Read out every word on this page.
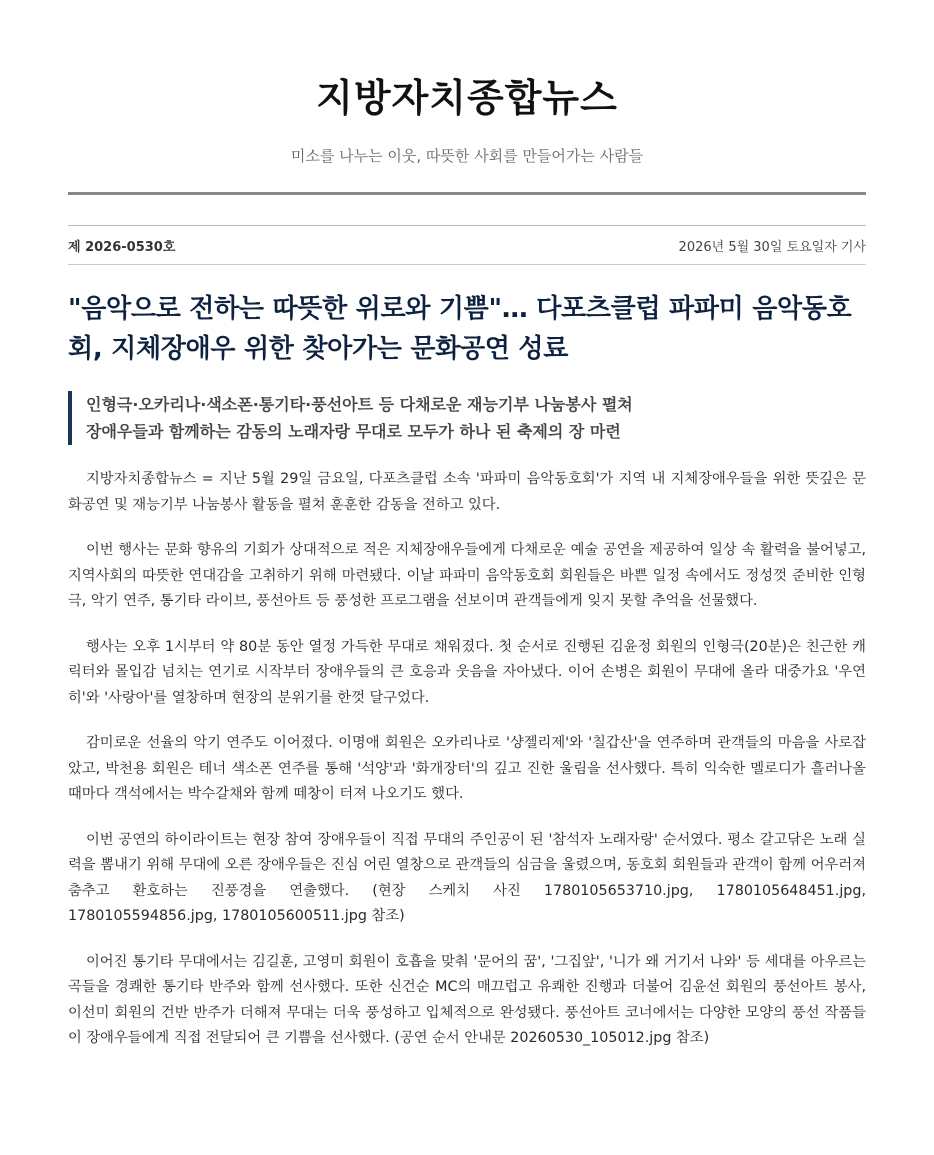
지방자치종합뉴스
미소를 나누는 이웃, 따뜻한 사회를 만들어가는 사람들
제 2026-0530호	2026년 5월 30일 토요일자 기사
"음악으로 전하는 따뜻한 위로와 기쁨"… 다포츠클럽 파파미 음악동호회, 지체장애우 위한 찾아가는 문화공연 성료
인형극·오카리나·색소폰·통기타·풍선아트 등 다채로운 재능기부 나눔봉사 펼쳐
장애우들과 함께하는 감동의 노래자랑 무대로 모두가 하나 된 축제의 장 마련

지방자치종합뉴스 = 지난 5월 29일 금요일, 다포츠클럽 소속 '파파미 음악동호회'가 지역 내 지체장애우들을 위한 뜻깊은 문화공연 및 재능기부 나눔봉사 활동을 펼쳐 훈훈한 감동을 전하고 있다.

이번 행사는 문화 향유의 기회가 상대적으로 적은 지체장애우들에게 다채로운 예술 공연을 제공하여 일상 속 활력을 불어넣고, 지역사회의 따뜻한 연대감을 고취하기 위해 마련됐다. 이날 파파미 음악동호회 회원들은 바쁜 일정 속에서도 정성껏 준비한 인형극, 악기 연주, 통기타 라이브, 풍선아트 등 풍성한 프로그램을 선보이며 관객들에게 잊지 못할 추억을 선물했다.

행사는 오후 1시부터 약 80분 동안 열정 가득한 무대로 채워졌다. 첫 순서로 진행된 김윤정 회원의 인형극(20분)은 친근한 캐릭터와 몰입감 넘치는 연기로 시작부터 장애우들의 큰 호응과 웃음을 자아냈다. 이어 손병은 회원이 무대에 올라 대중가요 '우연히'와 '사랑아'를 열창하며 현장의 분위기를 한껏 달구었다.

감미로운 선율의 악기 연주도 이어졌다. 이명애 회원은 오카리나로 '샹젤리제'와 '칠갑산'을 연주하며 관객들의 마음을 사로잡았고, 박천용 회원은 테너 색소폰 연주를 통해 '석양'과 '화개장터'의 깊고 진한 울림을 선사했다. 특히 익숙한 멜로디가 흘러나올 때마다 객석에서는 박수갈채와 함께 떼창이 터져 나오기도 했다.

이번 공연의 하이라이트는 현장 참여 장애우들이 직접 무대의 주인공이 된 '참석자 노래자랑' 순서였다. 평소 갈고닦은 노래 실력을 뽐내기 위해 무대에 오른 장애우들은 진심 어린 열창으로 관객들의 심금을 울렸으며, 동호회 회원들과 관객이 함께 어우러져 춤추고 환호하는 진풍경을 연출했다. (현장 스케치 사진 1780105653710.jpg, 1780105648451.jpg, 1780105594856.jpg, 1780105600511.jpg 참조)

이어진 통기타 무대에서는 김길훈, 고영미 회원이 호흡을 맞춰 '문어의 꿈', '그집앞', '니가 왜 거기서 나와' 등 세대를 아우르는 곡들을 경쾌한 통기타 반주와 함께 선사했다. 또한 신건순 MC의 매끄럽고 유쾌한 진행과 더불어 김윤선 회원의 풍선아트 봉사, 이선미 회원의 건반 반주가 더해져 무대는 더욱 풍성하고 입체적으로 완성됐다. 풍선아트 코너에서는 다양한 모양의 풍선 작품들이 장애우들에게 직접 전달되어 큰 기쁨을 선사했다. (공연 순서 안내문 20260530_105012.jpg 참조)
